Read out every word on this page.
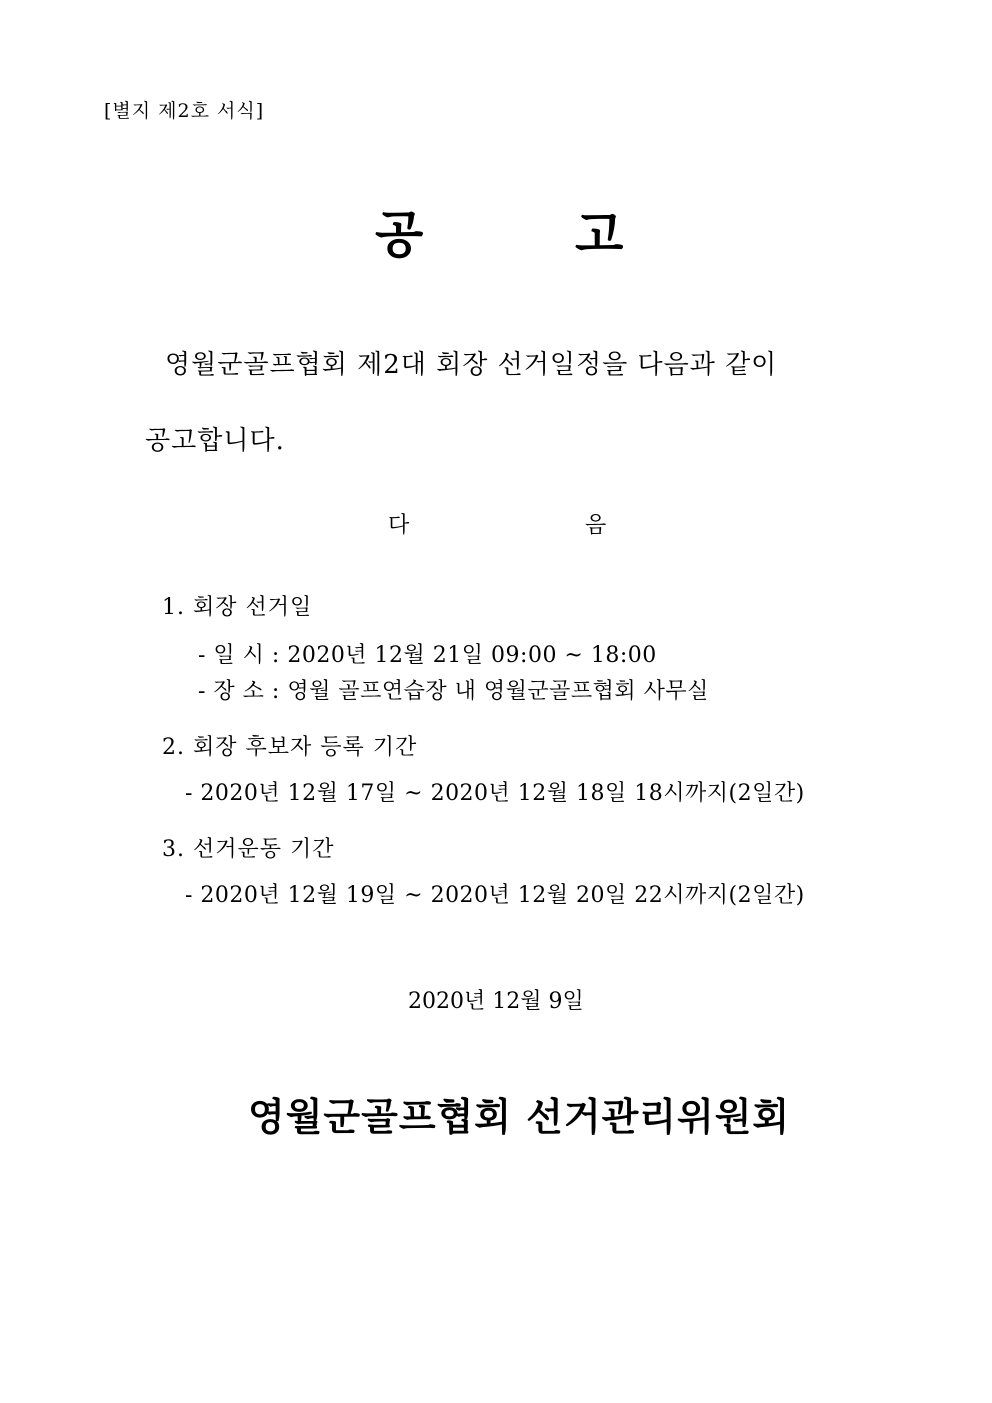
[별지 제2호 서식]
공	고
영월군골프협회 제2대 회장 선거일정을 다음과 같이
공고합니다.
다	음
1. 회장 선거일
- 일 시 : 2020년 12월 21일 09:00 ~ 18:00
- 장 소 : 영월 골프연습장 내 영월군골프협회 사무실
2. 회장 후보자 등록 기간
- 2020년 12월 17일 ~ 2020년 12월 18일 18시까지(2일간)
3. 선거운동 기간
- 2020년 12월 19일 ~ 2020년 12월 20일 22시까지(2일간)
2020년 12월 9일
영월군골프협회 선거관리위원회
